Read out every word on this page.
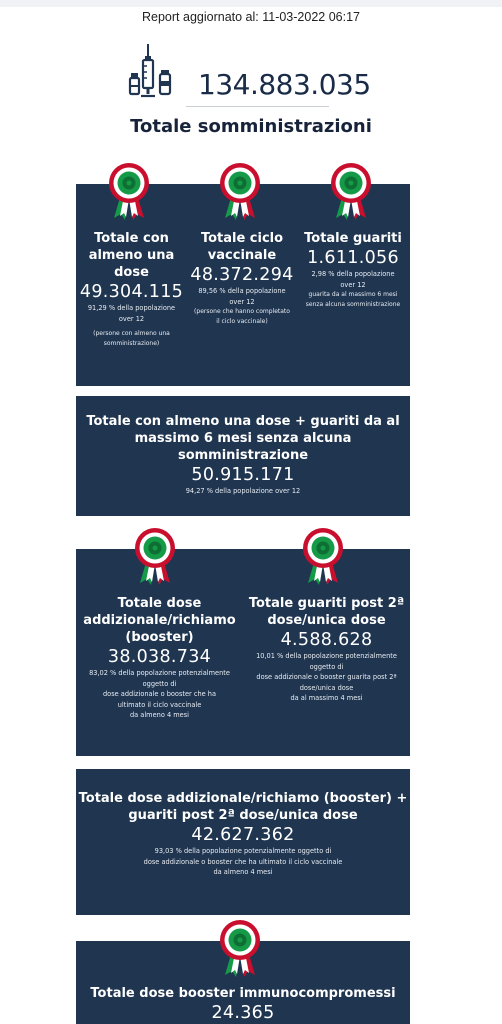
Report aggiornato al: 11-03-2022 06:17
134.883.035
Totale somministrazioni
Totale con
almeno una
dose
49.304.115
91,29 % della popolazione
over 12
(persone con almeno una
somministrazione)
Totale ciclo
vaccinale
48.372.294
89,56 % della popolazione
over 12
(persone che hanno completato
il ciclo vaccinale)
Totale guariti
1.611.056
2,98 % della popolazione
over 12
guarita da al massimo 6 mesi
senza alcuna somministrazione
Totale con almeno una dose + guariti da al
massimo 6 mesi senza alcuna somministrazione
50.915.171
94,27 % della popolazione over 12
Totale dose
addizionale/richiamo
(booster)
38.038.734
83,02 % della popolazione potenzialmente
oggetto di
dose addizionale o booster che ha
ultimato il ciclo vaccinale
da almeno 4 mesi
Totale guariti post 2ª
dose/unica dose
4.588.628
10,01 % della popolazione potenzialmente
oggetto di
dose addizionale o booster guarita post 2ª
dose/unica dose
da al massimo 4 mesi
Totale dose addizionale/richiamo (booster) +
guariti post 2ª dose/unica dose
42.627.362
93,03 % della popolazione potenzialmente oggetto di
dose addizionale o booster che ha ultimato il ciclo vaccinale
da almeno 4 mesi
Totale dose booster immunocompromessi
24.365
